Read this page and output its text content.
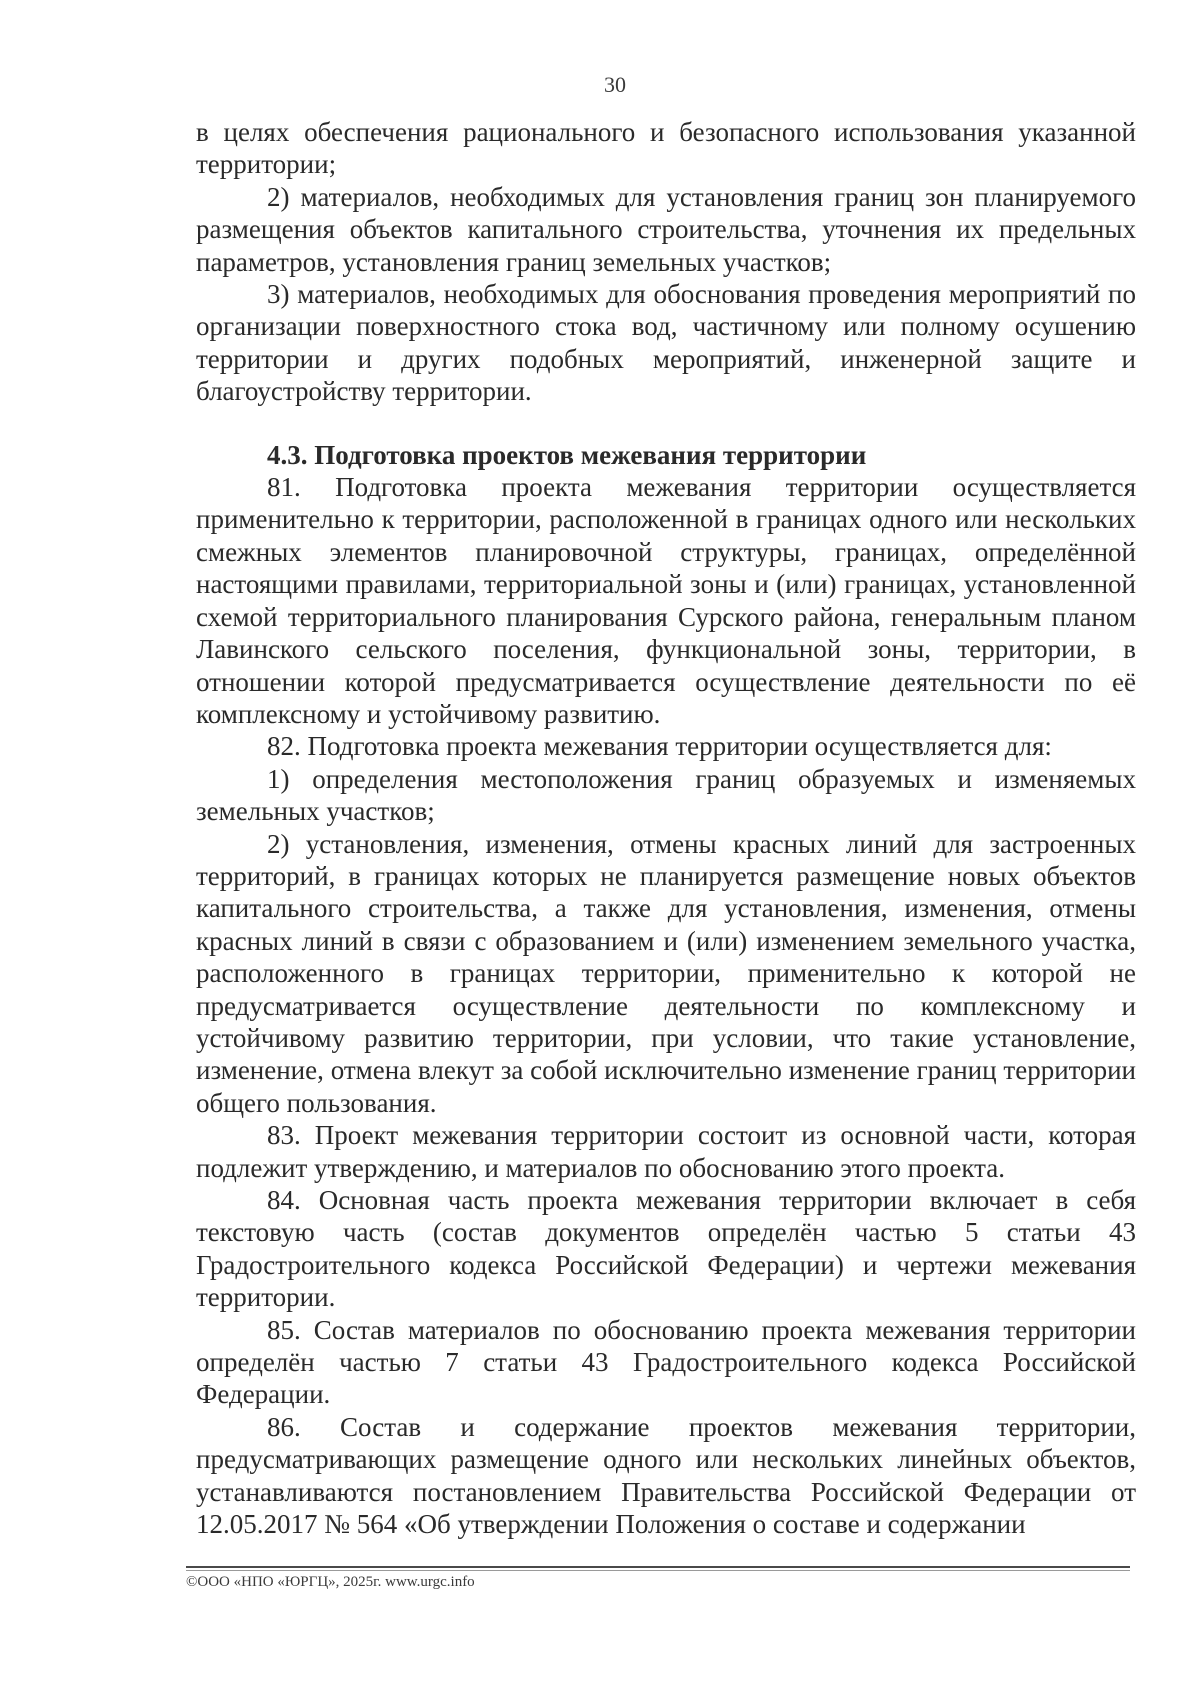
30

в целях обеспечения рационального и безопасного использования указанной территории;

2) материалов, необходимых для установления границ зон планируемого размещения объектов капитального строительства, уточнения их предельных параметров, установления границ земельных участков;

3) материалов, необходимых для обоснования проведения мероприятий по организации поверхностного стока вод, частичному или полному осушению территории и других подобных мероприятий, инженерной защите и благоустройству территории.

4.3. Подготовка проектов межевания территории

81. Подготовка проекта межевания территории осуществляется применительно к территории, расположенной в границах одного или нескольких смежных элементов планировочной структуры, границах, определённой настоящими правилами, территориальной зоны и (или) границах, установленной схемой территориального планирования Сурского района, генеральным планом Лавинского сельского поселения, функциональной зоны, территории, в отношении которой предусматривается осуществление деятельности по её комплексному и устойчивому развитию.

82. Подготовка проекта межевания территории осуществляется для:

1) определения местоположения границ образуемых и изменяемых земельных участков;

2) установления, изменения, отмены красных линий для застроенных территорий, в границах которых не планируется размещение новых объектов капитального строительства, а также для установления, изменения, отмены красных линий в связи с образованием и (или) изменением земельного участка, расположенного в границах территории, применительно к которой не предусматривается осуществление деятельности по комплексному и устойчивому развитию территории, при условии, что такие установление, изменение, отмена влекут за собой исключительно изменение границ территории общего пользования.

83. Проект межевания территории состоит из основной части, которая подлежит утверждению, и материалов по обоснованию этого проекта.

84. Основная часть проекта межевания территории включает в себя текстовую часть (состав документов определён частью 5 статьи 43 Градостроительного кодекса Российской Федерации) и чертежи межевания территории.

85. Состав материалов по обоснованию проекта межевания территории определён частью 7 статьи 43 Градостроительного кодекса Российской Федерации.

86. Состав и содержание проектов межевания территории, предусматривающих размещение одного или нескольких линейных объектов, устанавливаются постановлением Правительства Российской Федерации от 12.05.2017 № 564 «Об утверждении Положения о составе и содержании

©ООО «НПО «ЮРГЦ», 2025г. www.urgc.info
